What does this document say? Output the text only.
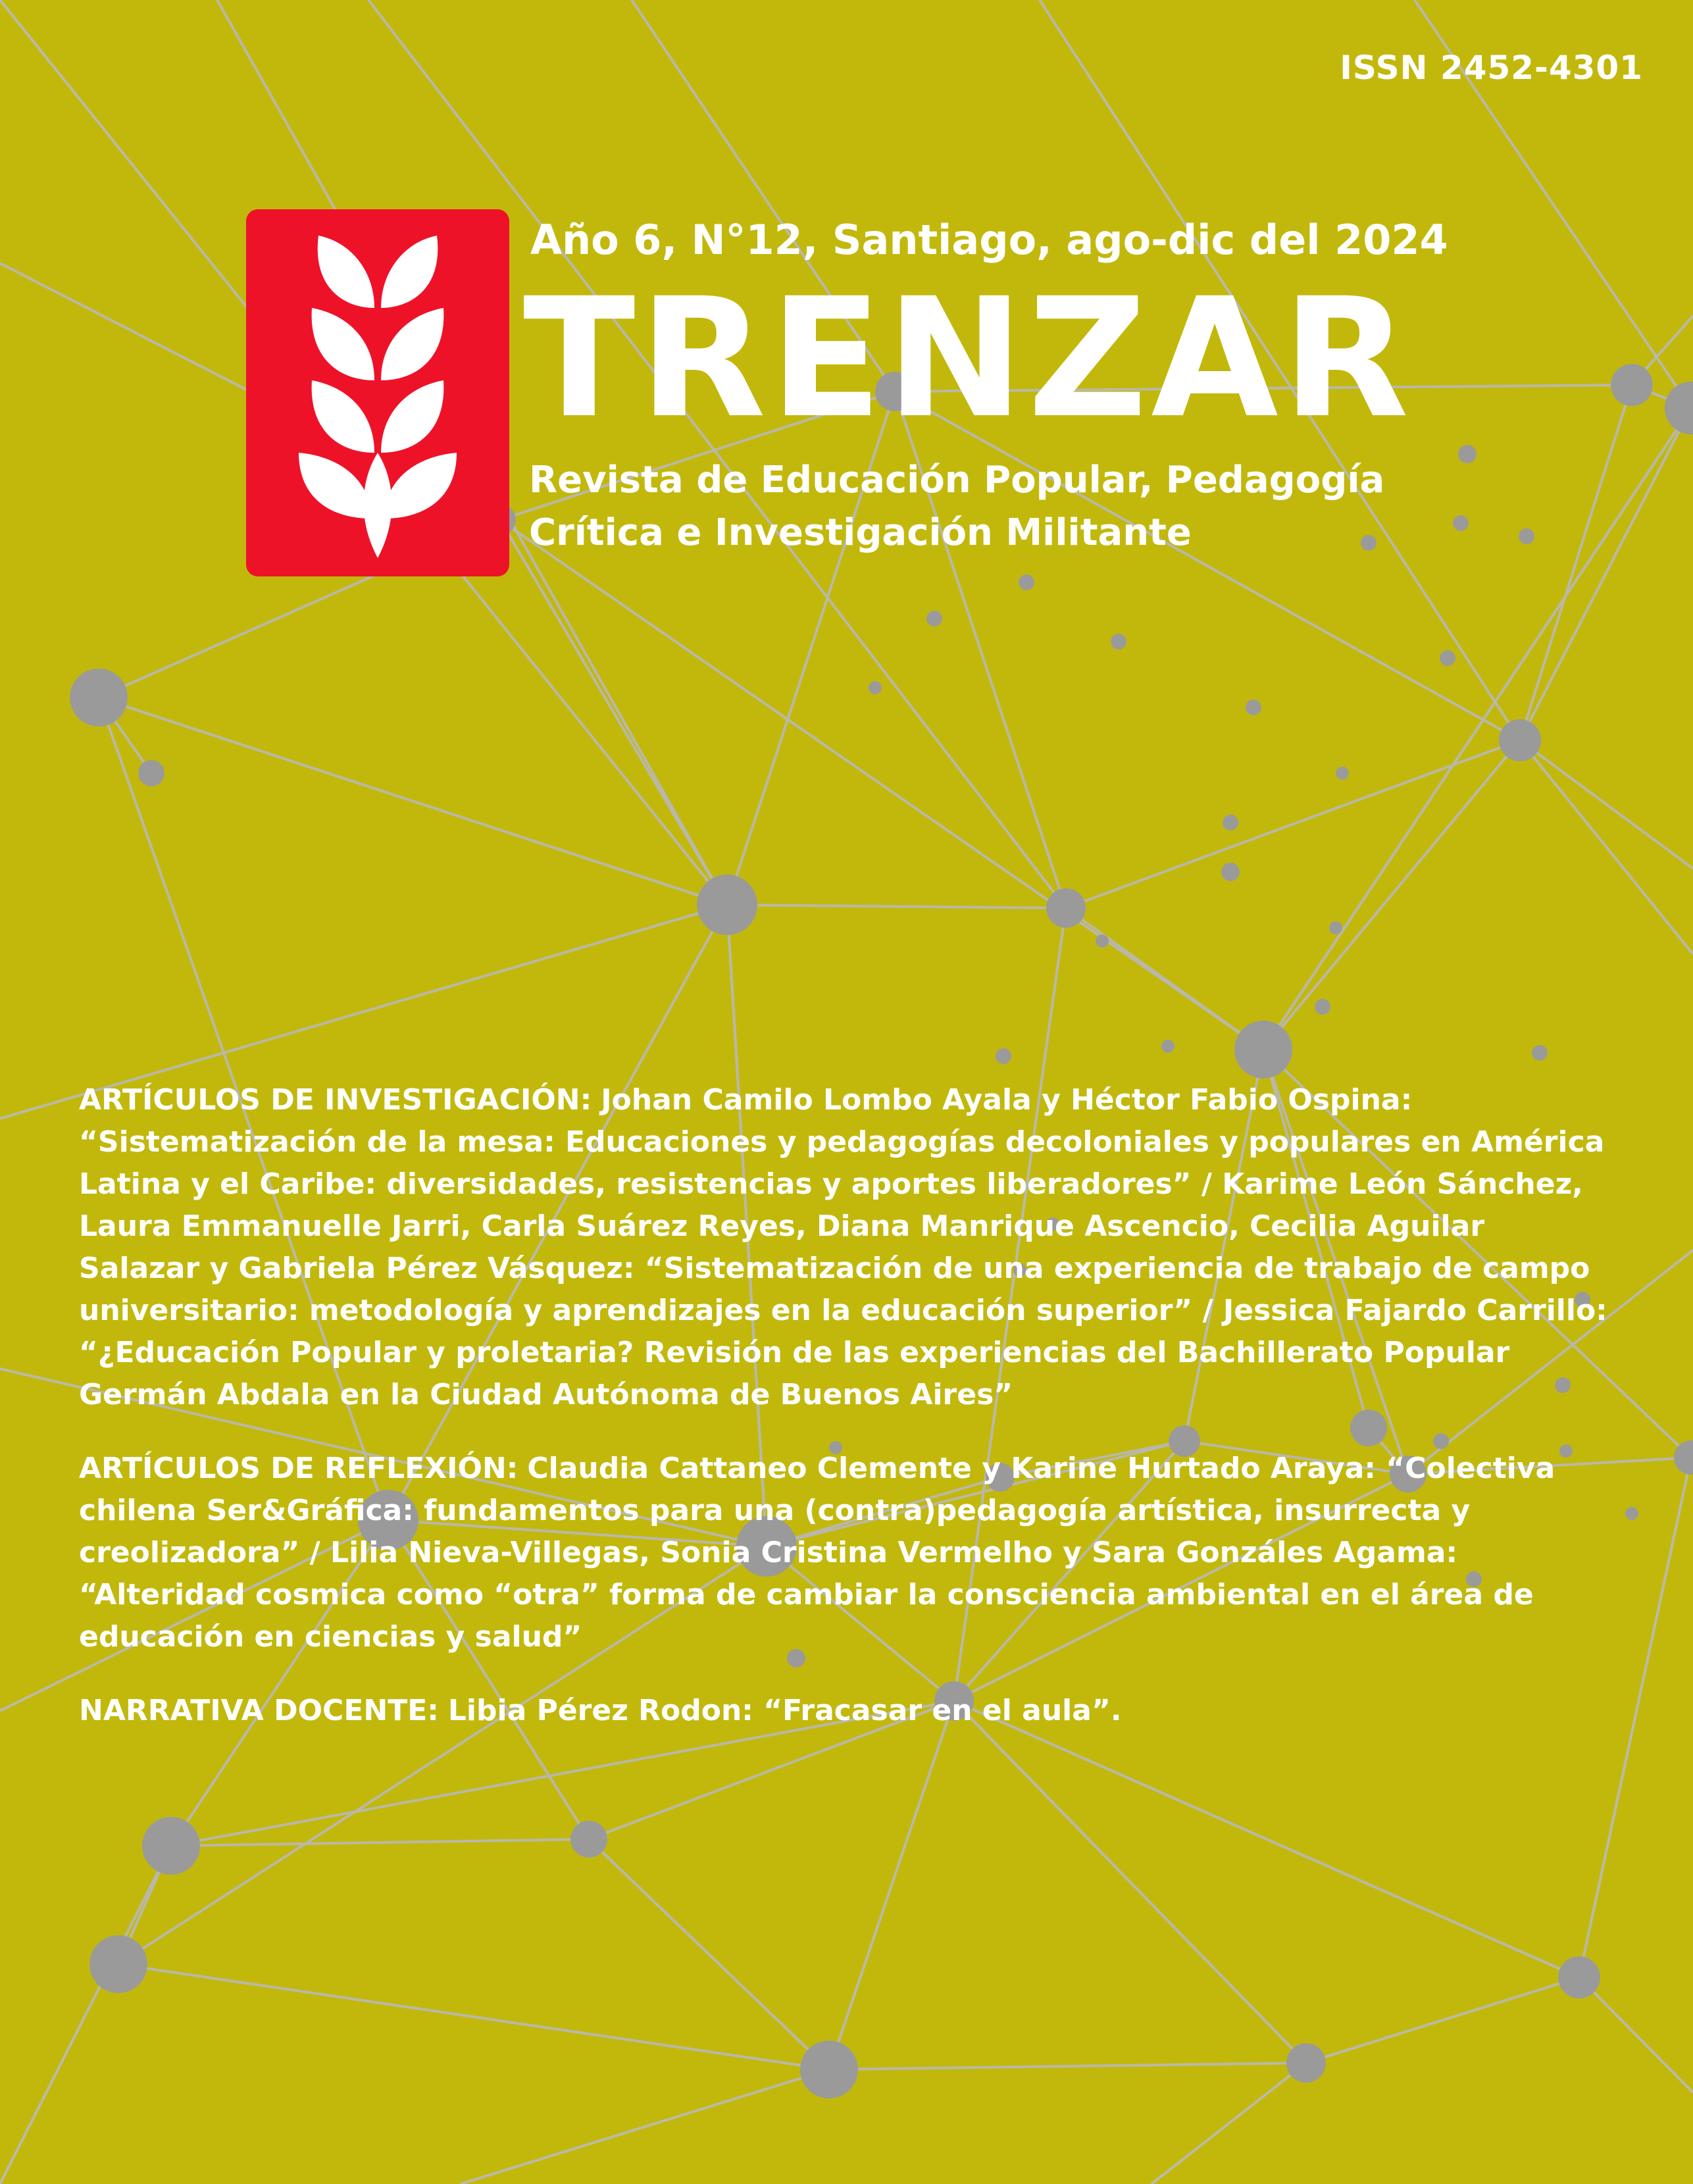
ISSN 2452-4301
Año 6, N°12, Santiago, ago-dic del 2024
TRENZAR
Revista de Educación Popular, Pedagogía
Crítica e Investigación Militante

ARTÍCULOS DE INVESTIGACIÓN: Johan Camilo Lombo Ayala y Héctor Fabio Ospina: “Sistematización de la mesa: Educaciones y pedagogías decoloniales y populares en América Latina y el Caribe: diversidades, resistencias y aportes liberadores” / Karime León Sánchez, Laura Emmanuelle Jarri, Carla Suárez Reyes, Diana Manrique Ascencio, Cecilia Aguilar Salazar y Gabriela Pérez Vásquez: “Sistematización de una experiencia de trabajo de campo universitario: metodología y aprendizajes en la educación superior” / Jessica Fajardo Carrillo: “¿Educación Popular y proletaria? Revisión de las experiencias del Bachillerato Popular Germán Abdala en la Ciudad Autónoma de Buenos Aires”

ARTÍCULOS DE REFLEXIÓN: Claudia Cattaneo Clemente y Karine Hurtado Araya: “Colectiva chilena Ser&Gráfica: fundamentos para una (contra)pedagogía artística, insurrecta y creolizadora” / Lilia Nieva-Villegas, Sonia Cristina Vermelho y Sara Gonzáles Agama: “Alteridad cosmica como “otra” forma de cambiar la consciencia ambiental en el área de educación en ciencias y salud”

NARRATIVA DOCENTE: Libia Pérez Rodon: “Fracasar en el aula”.
